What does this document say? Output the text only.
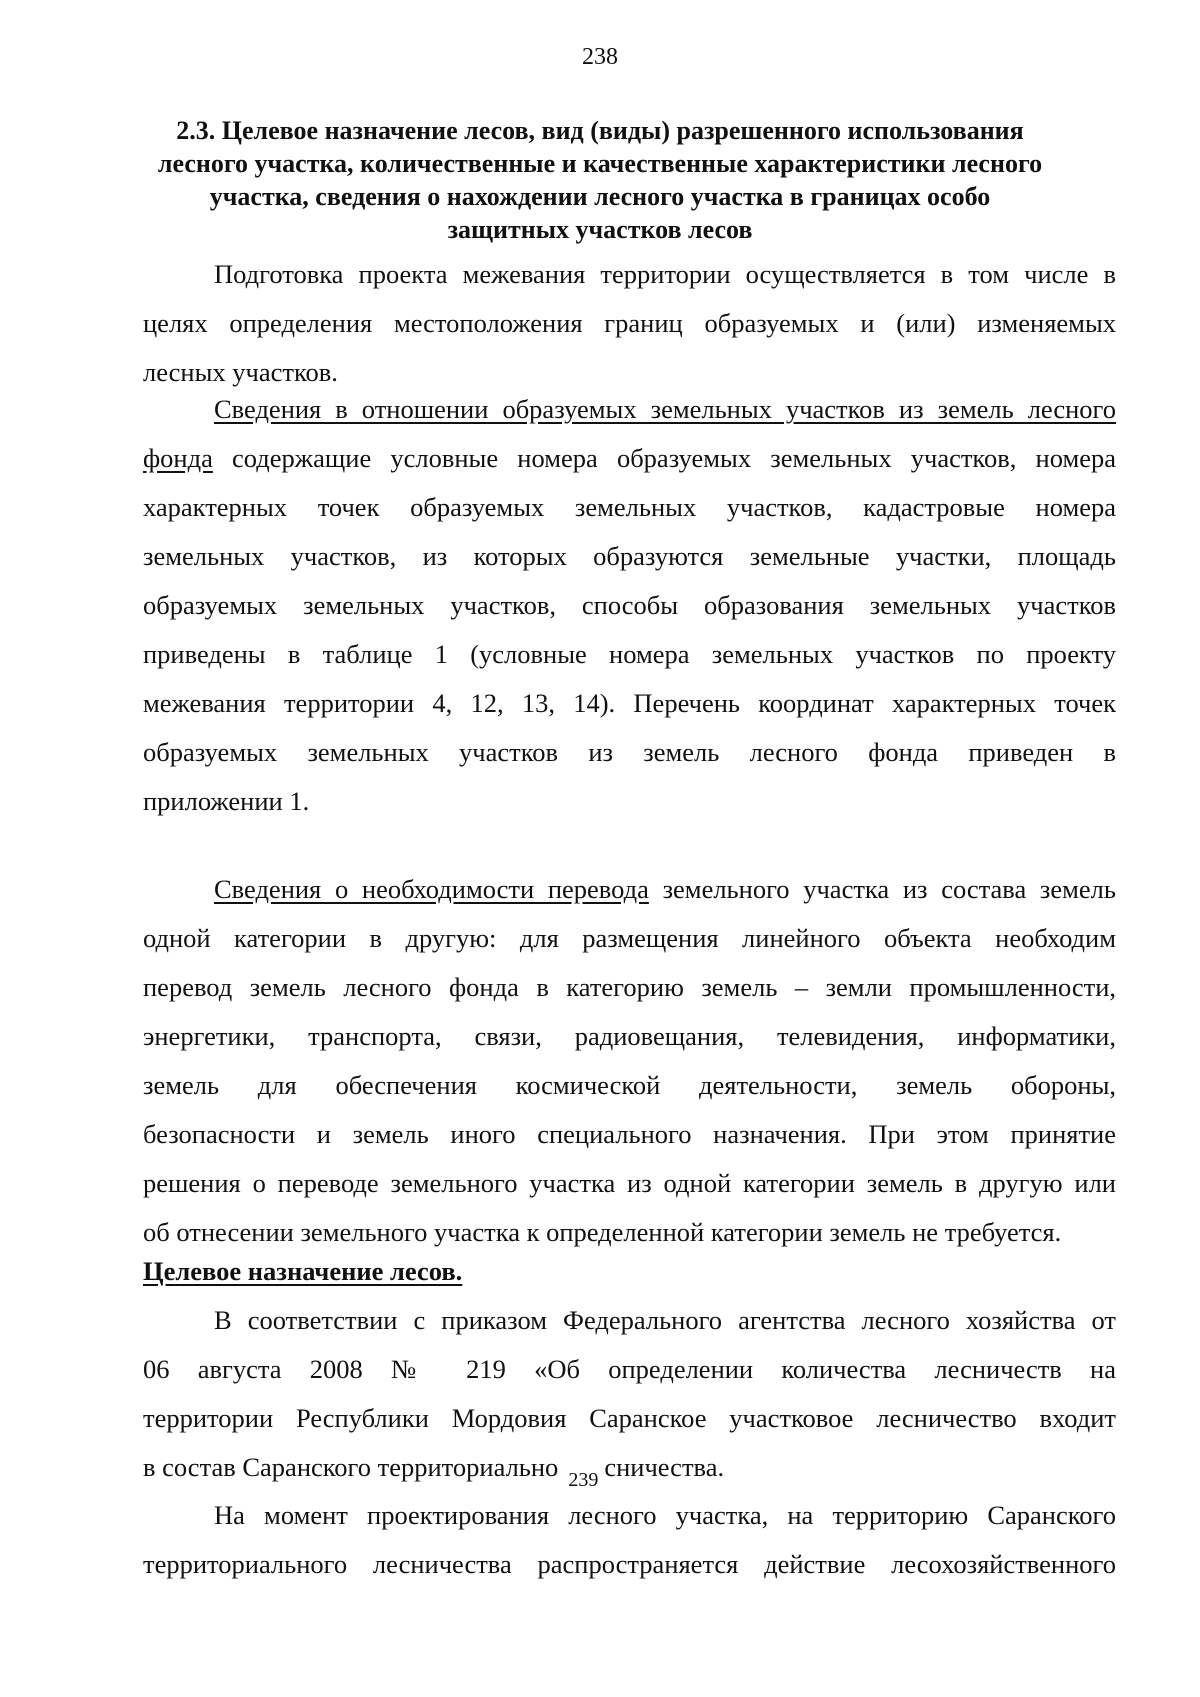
238
2.3. Целевое назначение лесов, вид (виды) разрешенного использования
лесного участка, количественные и качественные характеристики лесного
участка, сведения о нахождении лесного участка в границах особо
защитных участков лесов
Подготовка проекта межевания территории осуществляется в том числе в
целях определения местоположения границ образуемых и (или) изменяемых
лесных участков.
Сведения в отношении образуемых земельных участков из земель лесного
фонда содержащие условные номера образуемых земельных участков, номера
характерных точек образуемых земельных участков, кадастровые номера
земельных участков, из которых образуются земельные участки, площадь
образуемых земельных участков, способы образования земельных участков
приведены в таблице 1 (условные номера земельных участков по проекту
межевания территории 4, 12, 13, 14). Перечень координат характерных точек
образуемых земельных участков из земель лесного фонда приведен в
приложении 1.
Сведения о необходимости перевода земельного участка из состава земель
одной категории в другую: для размещения линейного объекта необходим
перевод земель лесного фонда в категорию земель – земли промышленности,
энергетики, транспорта, связи, радиовещания, телевидения, информатики,
земель для обеспечения космической деятельности, земель обороны,
безопасности и земель иного специального назначения. При этом принятие
решения о переводе земельного участка из одной категории земель в другую или
об отнесении земельного участка к определенной категории земель не требуется.
Целевое назначение лесов.
В соответствии с приказом Федерального агентства лесного хозяйства от
06 августа 2008 № 219 «Об определении количества лесничеств на
территории Республики Мордовия Саранское участковое лесничество входит
в состав Саранского территориально $_{239}$ сничества.
На момент проектирования лесного участка, на территорию Саранского
территориального лесничества распространяется действие лесохозяйственного
